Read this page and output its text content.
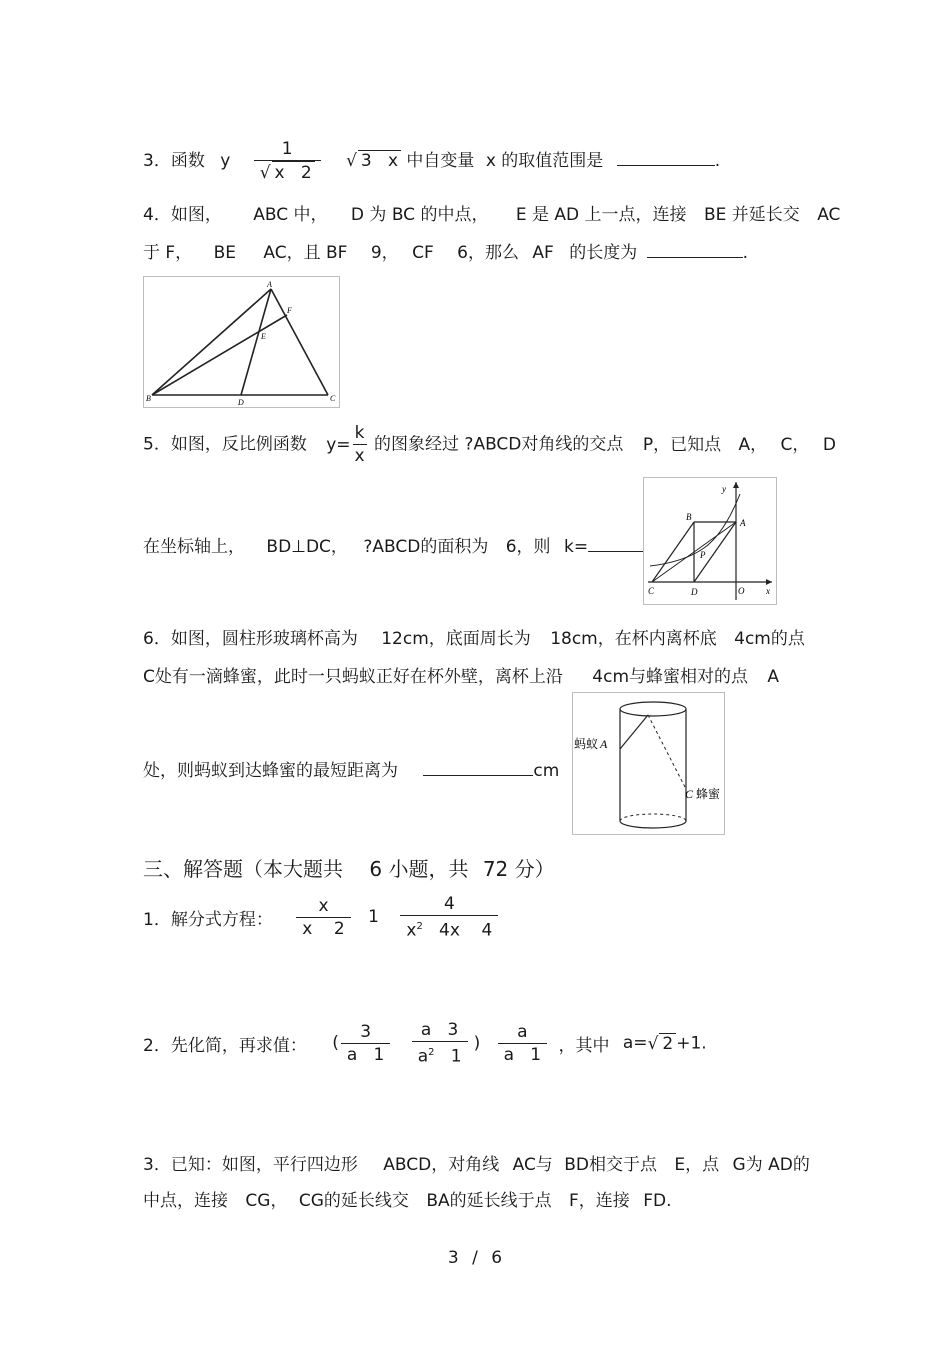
3．函数 y $\frac{1}{√ x 2}$ √ 3 x 中自变量 x 的取值范围是	.
4．如图， ABC 中， D 为 BC 的中点， E 是 AD 上一点，连接 BE 并延长交 AC
于 F， BE AC，且 BF 9， CF 6，那么 AF 的长度为	.
A
B	C
D
E
F
5．如图，反比例函数 $y= \frac{k}{x}$ 的图象经过 ?ABCD对角线的交点 P，已知点 A， C， D
在坐标轴上， BD⊥DC， ?ABCD的面积为 6，则 k=
y
x
A
B
C	D	O
P
6．如图，圆柱形玻璃杯高为 12cm，底面周长为 18cm，在杯内离杯底 4cm的点
C处有一滴蜂蜜，此时一只蚂蚁正好在杯外壁，离杯上沿 4cm与蜂蜜相对的点 A
处，则蚂蚁到达蜂蜜的最短距离为	cm
蚂蚁 A
C 蜂蜜
三、解答题（本大题共 6 小题，共 72 分）
1．解分式方程： $\frac{x}{x 2} 1 \frac{4}{x^2 4x 4}$
2．先化简，再求值： ( $\frac{3}{a 1}$
$\frac{a 3}{a^2 1}$ ) $\frac{a}{a 1}$ ，其中 a=√ 2 +1.
3．已知：如图，平行四边形 ABCD，对角线 AC与 BD相交于点 E，点 G为 AD的
中点，连接 CG， CG的延长线交 BA的延长线于点 F，连接 FD.
3 / 6
